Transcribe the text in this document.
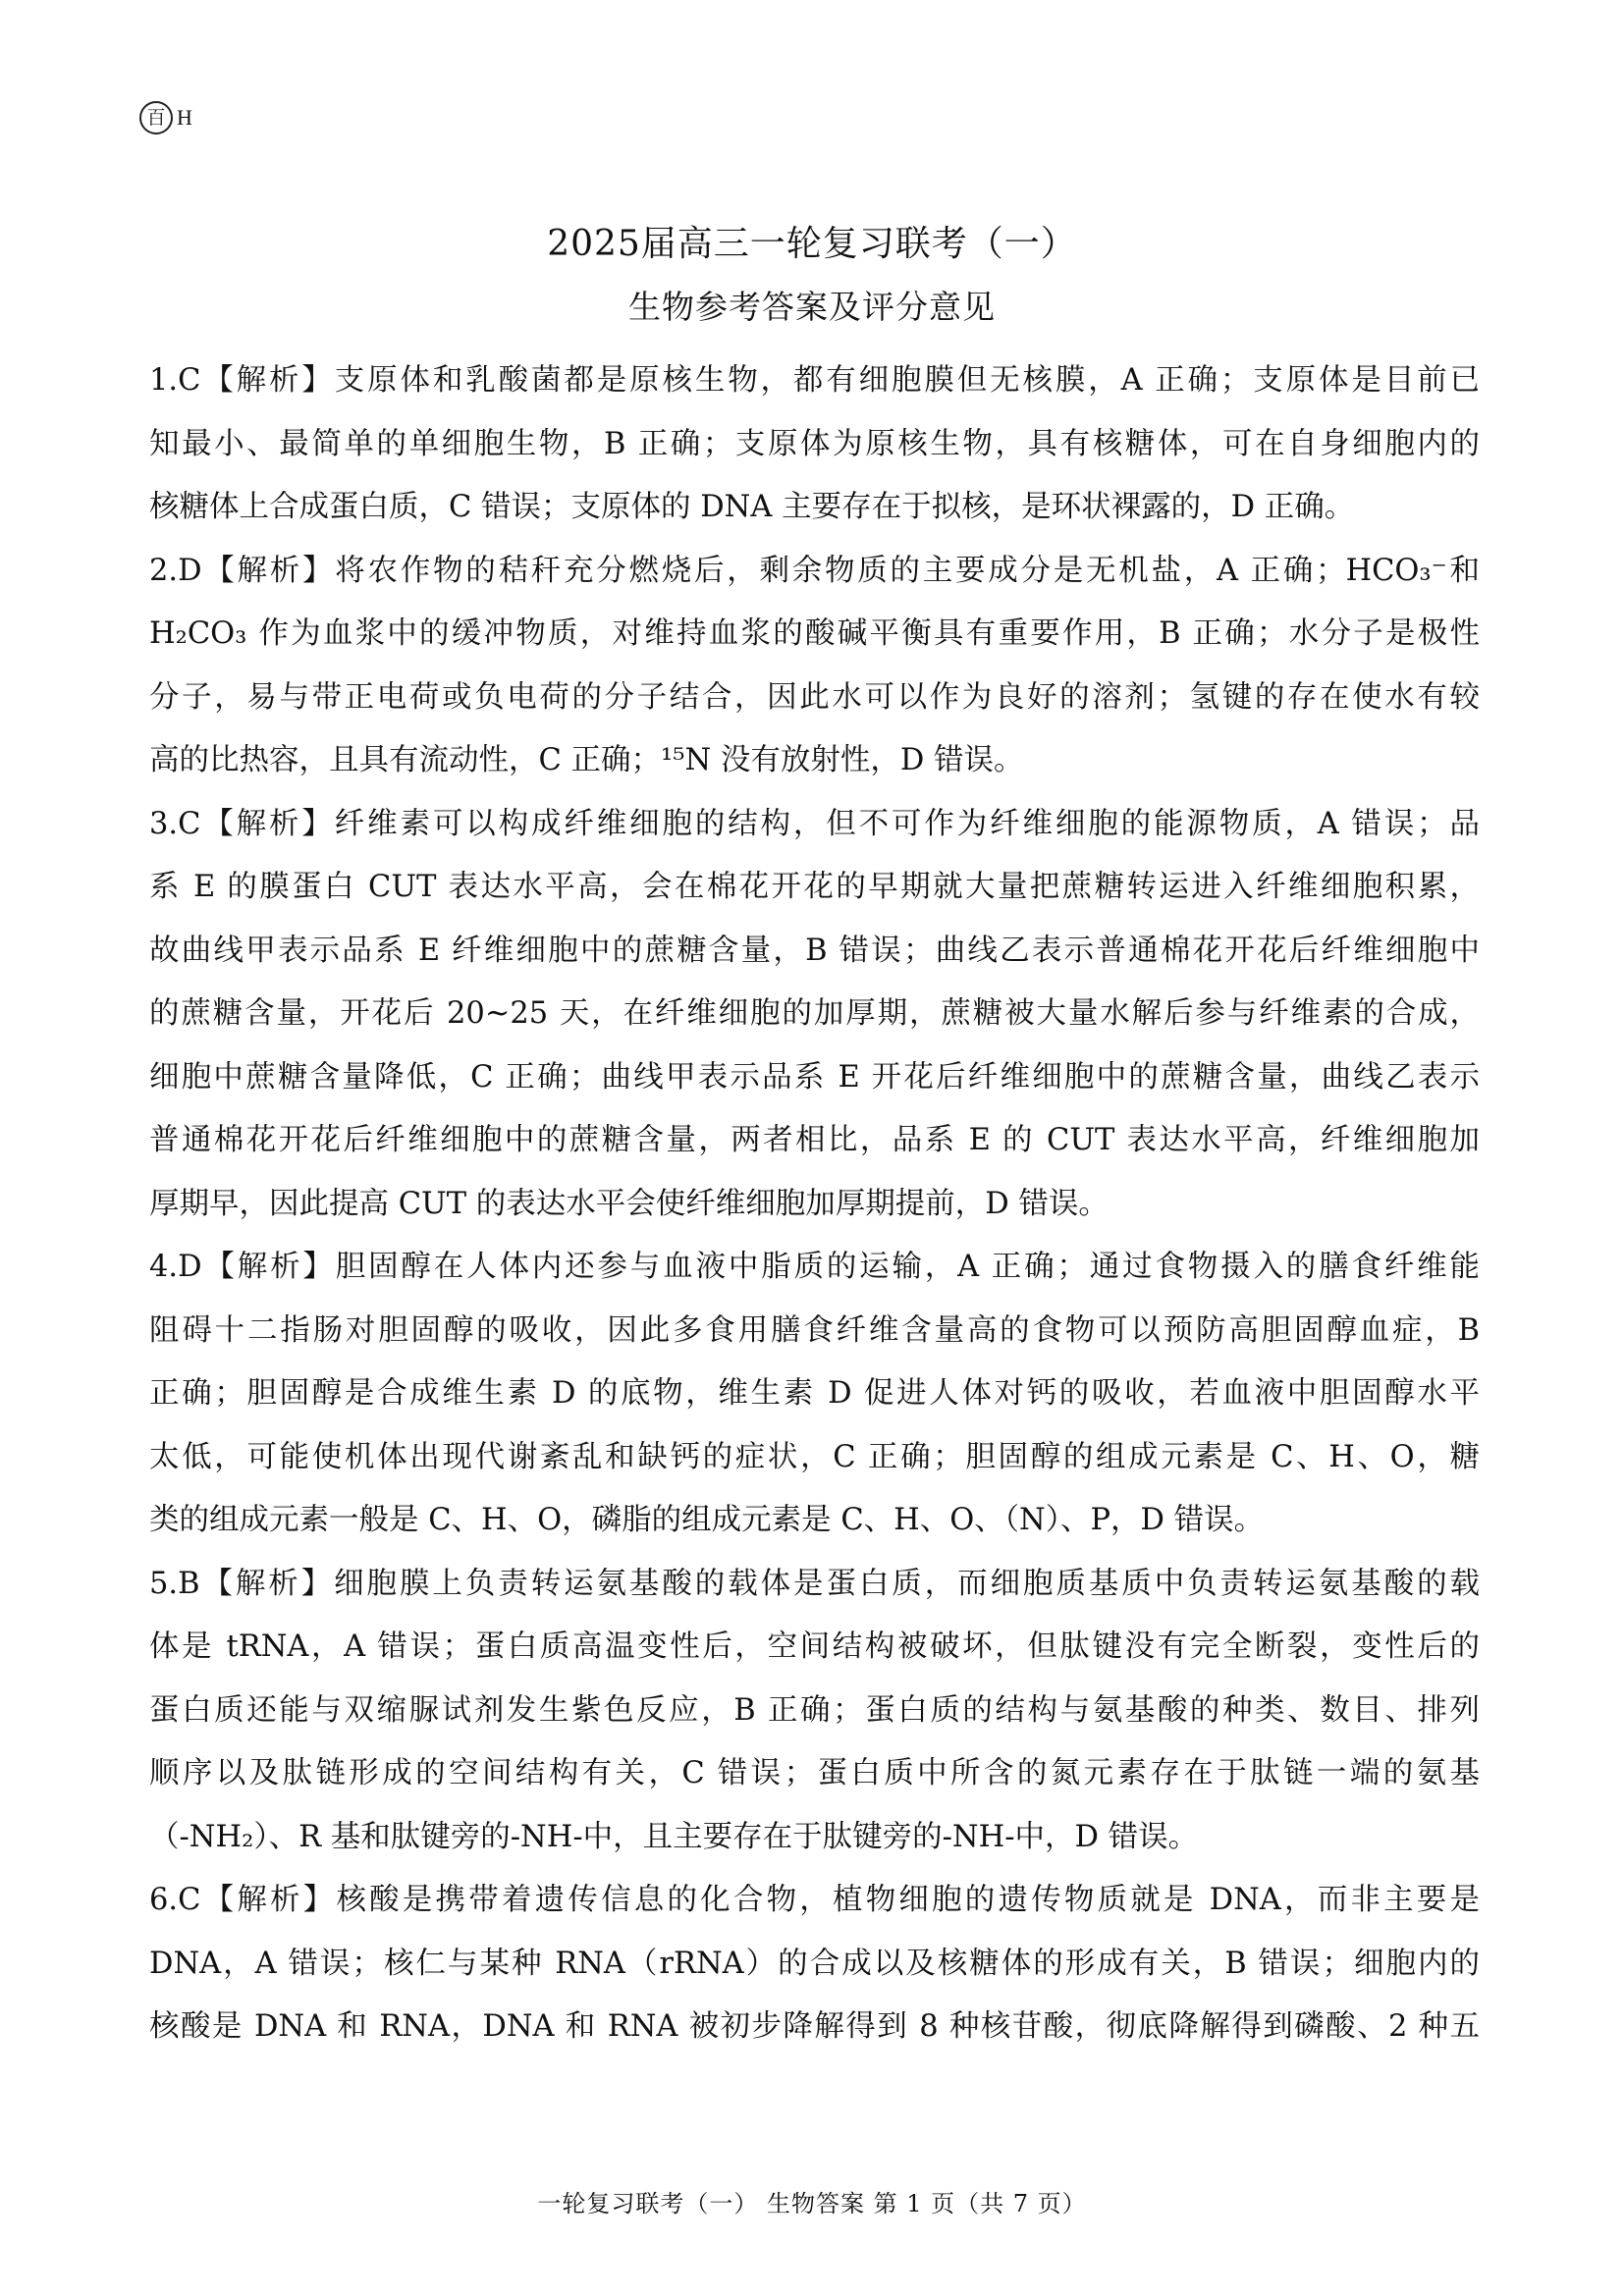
百 H
2025届高三一轮复习联考（一）
生物参考答案及评分意见
1.C【解析】支原体和乳酸菌都是原核生物，都有细胞膜但无核膜，A 正确；支原体是目前已
知最小、最简单的单细胞生物，B 正确；支原体为原核生物，具有核糖体，可在自身细胞内的
核糖体上合成蛋白质，C 错误；支原体的 DNA 主要存在于拟核，是环状裸露的，D 正确。
2.D【解析】将农作物的秸秆充分燃烧后，剩余物质的主要成分是无机盐，A 正确；HCO₃⁻和
H₂CO₃ 作为血浆中的缓冲物质，对维持血浆的酸碱平衡具有重要作用，B 正确；水分子是极性
分子，易与带正电荷或负电荷的分子结合，因此水可以作为良好的溶剂；氢键的存在使水有较
高的比热容，且具有流动性，C 正确；¹⁵N 没有放射性，D 错误。
3.C【解析】纤维素可以构成纤维细胞的结构，但不可作为纤维细胞的能源物质，A 错误；品
系 E 的膜蛋白 CUT 表达水平高，会在棉花开花的早期就大量把蔗糖转运进入纤维细胞积累，
故曲线甲表示品系 E 纤维细胞中的蔗糖含量，B 错误；曲线乙表示普通棉花开花后纤维细胞中
的蔗糖含量，开花后 20~25 天，在纤维细胞的加厚期，蔗糖被大量水解后参与纤维素的合成，
细胞中蔗糖含量降低，C 正确；曲线甲表示品系 E 开花后纤维细胞中的蔗糖含量，曲线乙表示
普通棉花开花后纤维细胞中的蔗糖含量，两者相比，品系 E 的 CUT 表达水平高，纤维细胞加
厚期早，因此提高 CUT 的表达水平会使纤维细胞加厚期提前，D 错误。
4.D【解析】胆固醇在人体内还参与血液中脂质的运输，A 正确；通过食物摄入的膳食纤维能
阻碍十二指肠对胆固醇的吸收，因此多食用膳食纤维含量高的食物可以预防高胆固醇血症，B
正确；胆固醇是合成维生素 D 的底物，维生素 D 促进人体对钙的吸收，若血液中胆固醇水平
太低，可能使机体出现代谢紊乱和缺钙的症状，C 正确；胆固醇的组成元素是 C、H、O，糖
类的组成元素一般是 C、H、O，磷脂的组成元素是 C、H、O、（N）、P，D 错误。
5.B【解析】细胞膜上负责转运氨基酸的载体是蛋白质，而细胞质基质中负责转运氨基酸的载
体是 tRNA，A 错误；蛋白质高温变性后，空间结构被破坏，但肽键没有完全断裂，变性后的
蛋白质还能与双缩脲试剂发生紫色反应，B 正确；蛋白质的结构与氨基酸的种类、数目、排列
顺序以及肽链形成的空间结构有关，C 错误；蛋白质中所含的氮元素存在于肽链一端的氨基
（-NH₂）、R 基和肽键旁的-NH-中，且主要存在于肽键旁的-NH-中，D 错误。
6.C【解析】核酸是携带着遗传信息的化合物，植物细胞的遗传物质就是 DNA，而非主要是
DNA，A 错误；核仁与某种 RNA（rRNA）的合成以及核糖体的形成有关，B 错误；细胞内的
核酸是 DNA 和 RNA，DNA 和 RNA 被初步降解得到 8 种核苷酸，彻底降解得到磷酸、2 种五
一轮复习联考（一） 生物答案 第 1 页（共 7 页）
